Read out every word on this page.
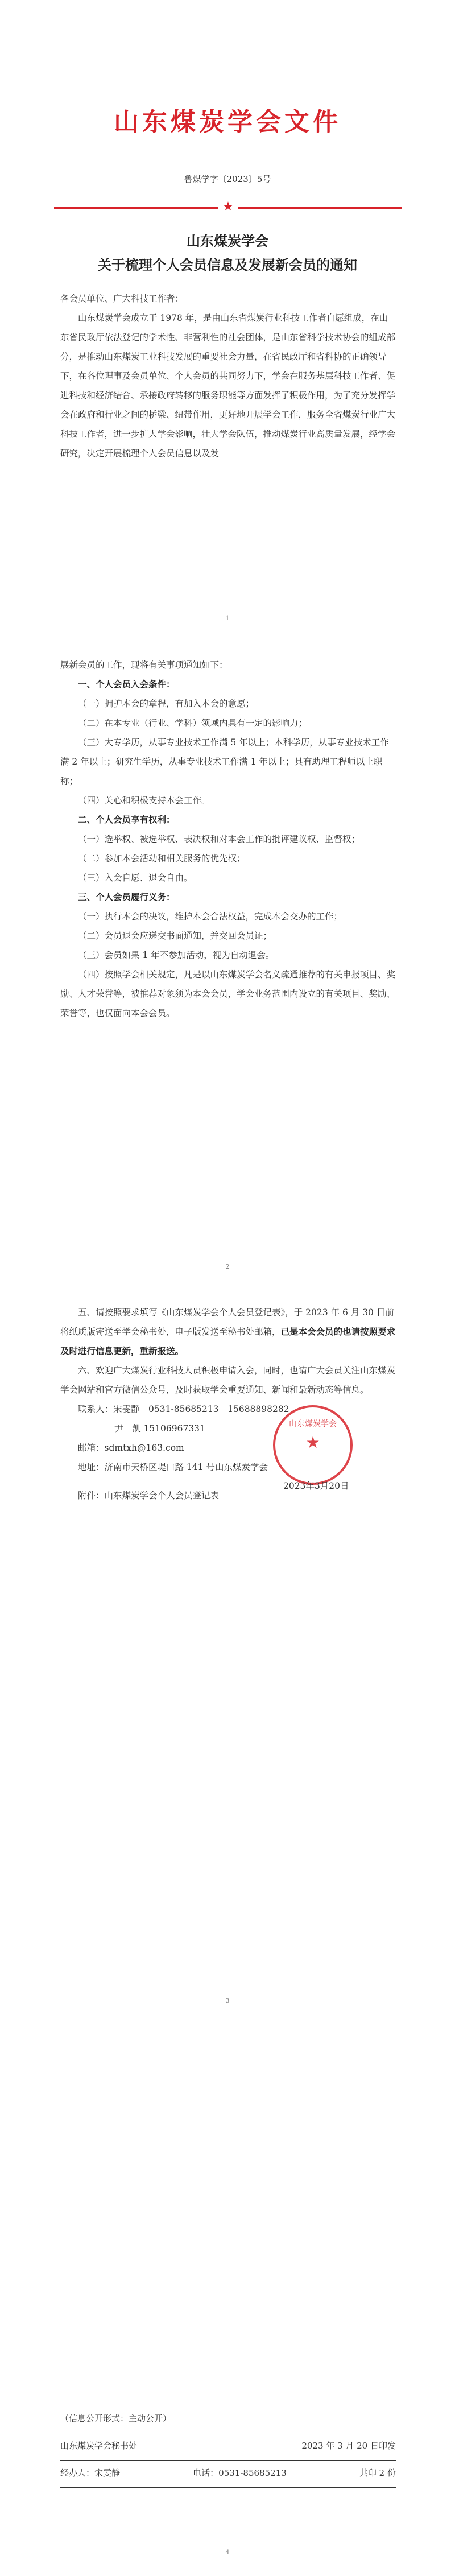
山东煤炭学会文件
鲁煤学字〔2023〕5号
★
山东煤炭学会
关于梳理个人会员信息及发展新会员的通知

各会员单位、广大科技工作者：

山东煤炭学会成立于 1978 年，是由山东省煤炭行业科技工作者自愿组成，在山东省民政厅依法登记的学术性、非营利性的社会团体，是山东省科学技术协会的组成部分，是推动山东煤炭工业科技发展的重要社会力量，在省民政厅和省科协的正确领导下，在各位理事及会员单位、个人会员的共同努力下，学会在服务基层科技工作者、促进科技和经济结合、承接政府转移的服务职能等方面发挥了积极作用，为了充分发挥学会在政府和行业之间的桥梁、纽带作用，更好地开展学会工作，服务全省煤炭行业广大科技工作者，进一步扩大学会影响，壮大学会队伍，推动煤炭行业高质量发展，经学会研究，决定开展梳理个人会员信息以及发

1

展新会员的工作，现将有关事项通知如下：

一、个人会员入会条件：

（一）拥护本会的章程，有加入本会的意愿；

（二）在本专业（行业、学科）领域内具有一定的影响力；

（三）大专学历，从事专业技术工作满 5 年以上；本科学历，从事专业技术工作满 2 年以上；研究生学历，从事专业技术工作满 1 年以上；具有助理工程师以上职称；

（四）关心和积极支持本会工作。

二、个人会员享有权利：

（一）选举权、被选举权、表决权和对本会工作的批评建议权、监督权；

（二）参加本会活动和相关服务的优先权；

（三）入会自愿、退会自由。

三、个人会员履行义务：

（一）执行本会的决议，维护本会合法权益，完成本会交办的工作；

（二）会员退会应递交书面通知，并交回会员证；

（三）会员如果 1 年不参加活动，视为自动退会。

（四）按照学会相关规定，凡是以山东煤炭学会名义疏通推荐的有关申报项目、奖励、人才荣誉等，被推荐对象须为本会会员，学会业务范围内设立的有关项目、奖励、荣誉等，也仅面向本会会员。

2

五、请按照要求填写《山东煤炭学会个人会员登记表》，于 2023 年 6 月 30 日前将纸质版寄送至学会秘书处，电子版发送至秘书处邮箱，已是本会会员的也请按照要求及时进行信息更新，重新报送。

六、欢迎广大煤炭行业科技人员积极申请入会，同时，也请广大会员关注山东煤炭学会网站和官方微信公众号，及时获取学会重要通知、新闻和最新动态等信息。

联系人：宋雯静　 0531-85685213　15688898282

尹　凯 15106967331

邮箱：sdmtxh@163.com

地址：济南市天桥区堤口路 141 号山东煤炭学会

附件：山东煤炭学会个人会员登记表

★
山东煤炭学会
2023年3月20日
3
（信息公开形式：主动公开）
山东煤炭学会秘书处	2023 年 3 月 20 日印发
经办人：宋雯静	电话：0531-85685213	共印 2 份
4
